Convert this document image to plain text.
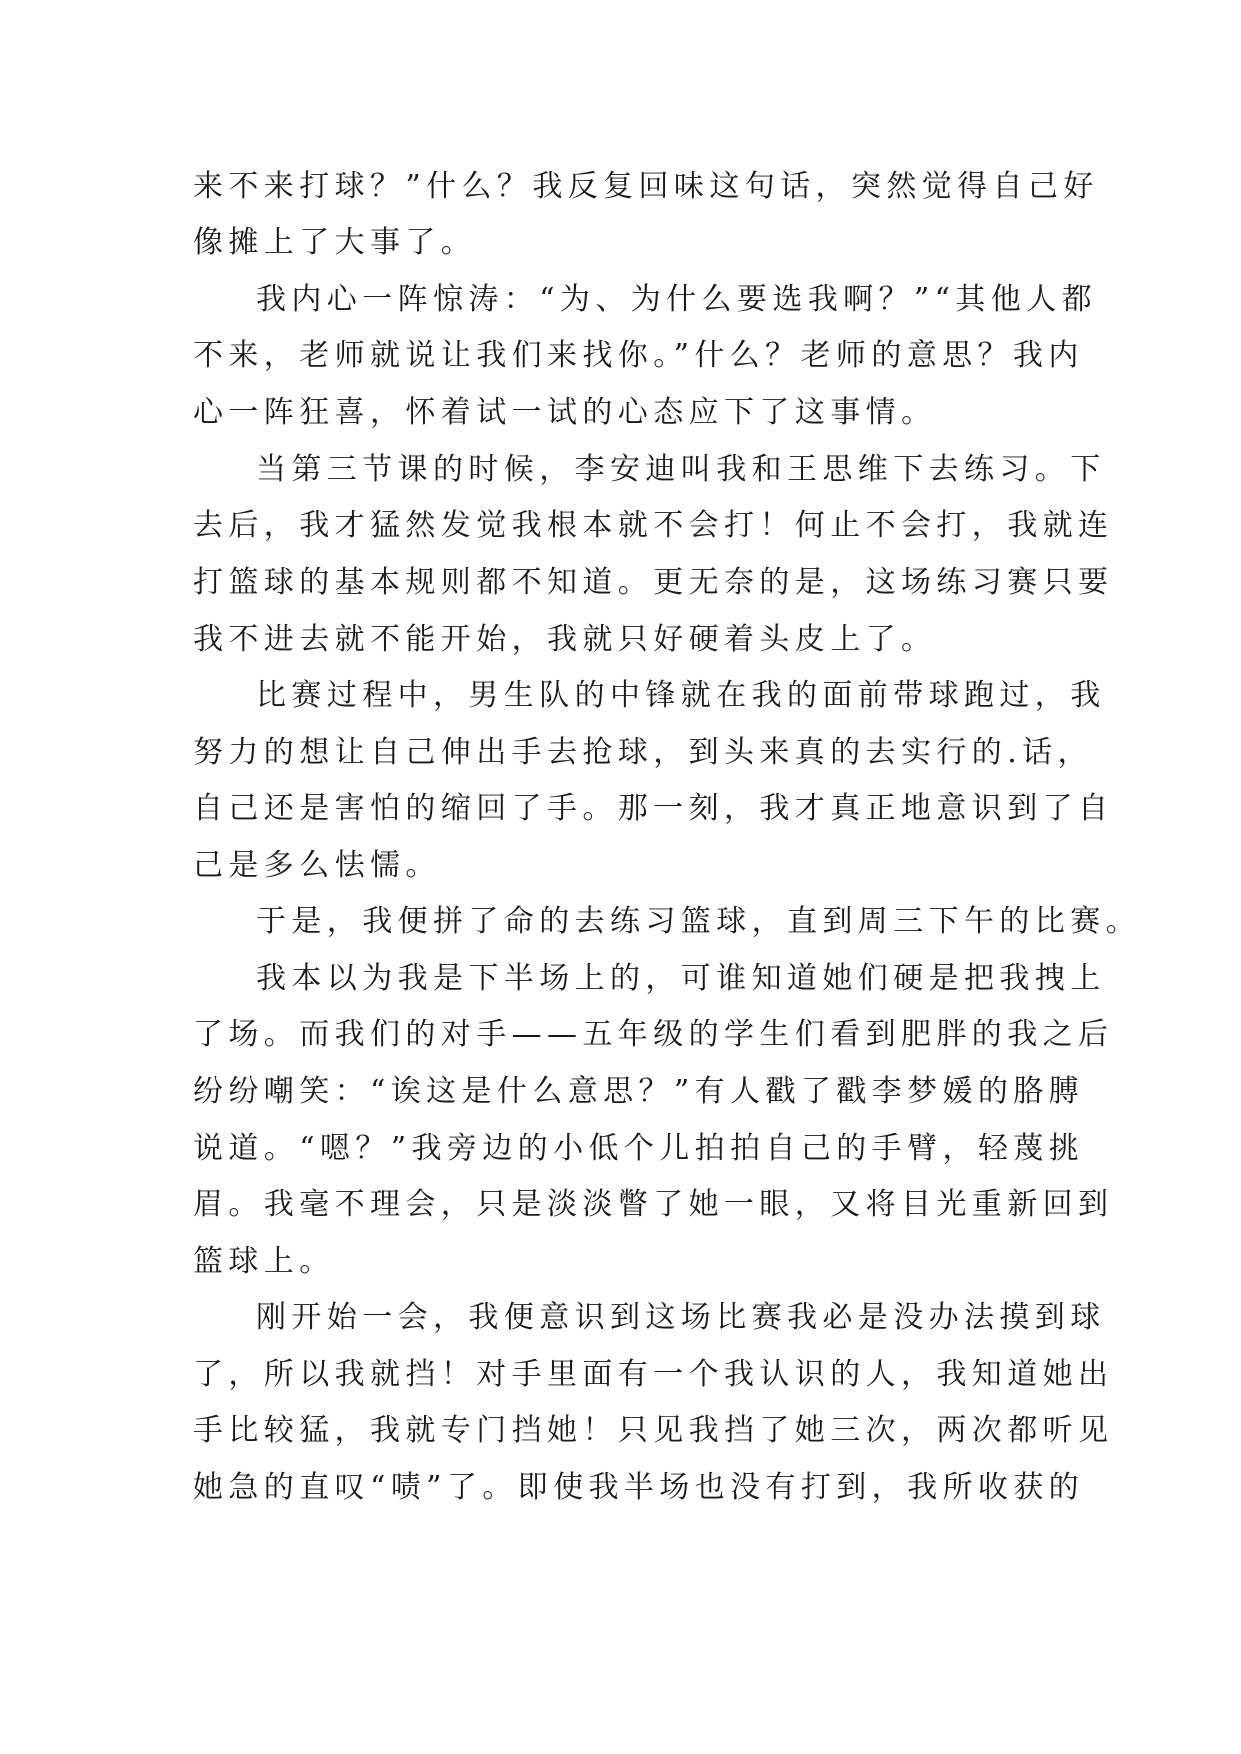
来不来打球？”什么？我反复回味这句话，突然觉得自己好
像摊上了大事了。
我内心一阵惊涛：“为、为什么要选我啊？”“其他人都
不来，老师就说让我们来找你。”什么？老师的意思？我内
心一阵狂喜，怀着试一试的心态应下了这事情。
当第三节课的时候，李安迪叫我和王思维下去练习。下
去后，我才猛然发觉我根本就不会打！何止不会打，我就连
打篮球的基本规则都不知道。更无奈的是，这场练习赛只要
我不进去就不能开始，我就只好硬着头皮上了。
比赛过程中，男生队的中锋就在我的面前带球跑过，我
努力的想让自己伸出手去抢球，到头来真的去实行的.话，
自己还是害怕的缩回了手。那一刻，我才真正地意识到了自
己是多么怯懦。
于是，我便拼了命的去练习篮球，直到周三下午的比赛。
我本以为我是下半场上的，可谁知道她们硬是把我拽上
了场。而我们的对手——五年级的学生们看到肥胖的我之后
纷纷嘲笑：“诶这是什么意思？”有人戳了戳李梦媛的胳膊
说道。“嗯？”我旁边的小低个儿拍拍自己的手臂，轻蔑挑
眉。我毫不理会，只是淡淡瞥了她一眼，又将目光重新回到
篮球上。
刚开始一会，我便意识到这场比赛我必是没办法摸到球
了，所以我就挡！对手里面有一个我认识的人，我知道她出
手比较猛，我就专门挡她！只见我挡了她三次，两次都听见
她急的直叹“啧”了。即使我半场也没有打到，我所收获的
